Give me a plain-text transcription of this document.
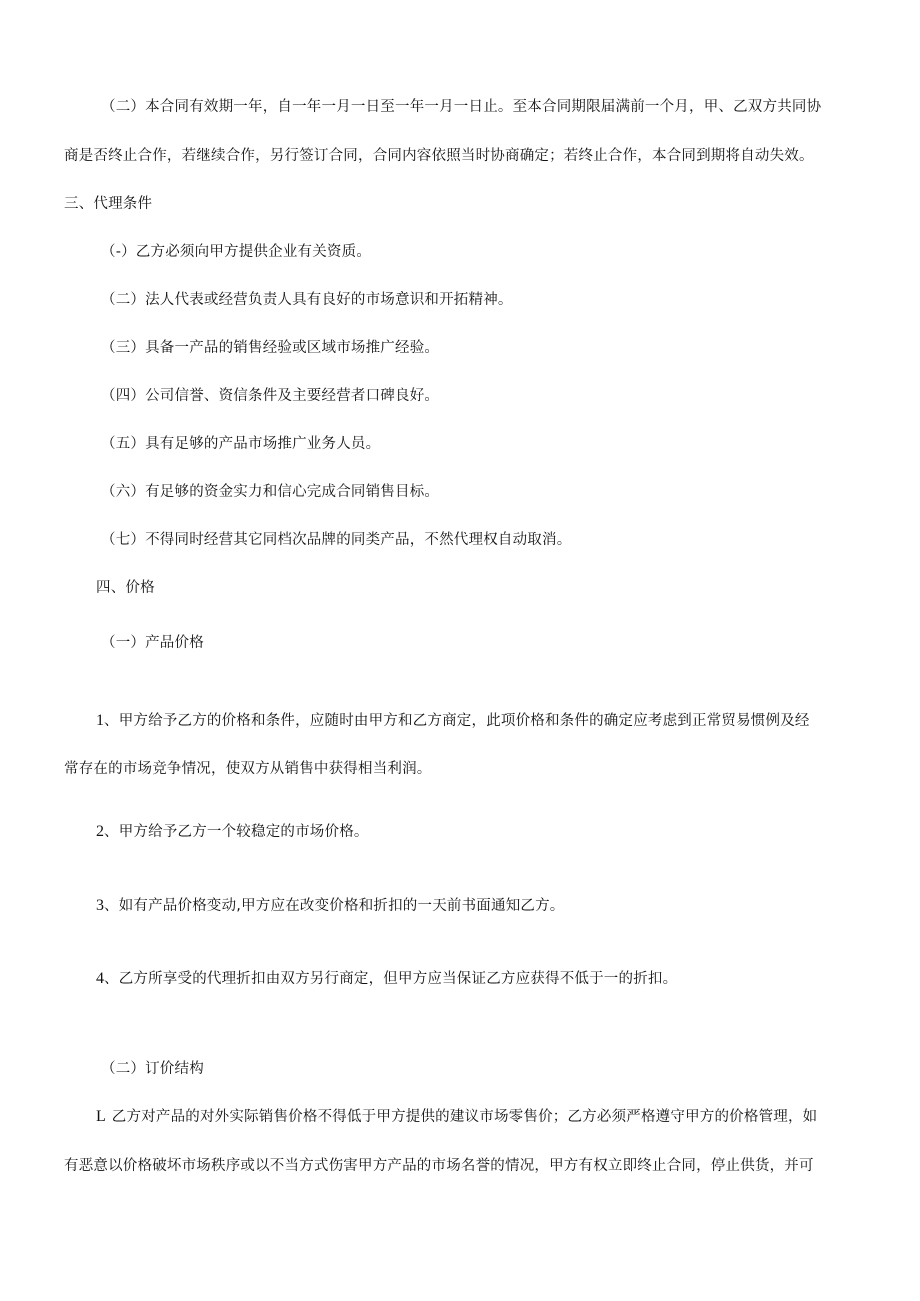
（二）本合同有效期一年，自一年一月一日至一年一月一日止。至本合同期限届满前一个月，甲、乙双方共同协
商是否终止合作，若继续合作，另行签订合同，合同内容依照当时协商确定；若终止合作，本合同到期将自动失效。
三、代理条件
（-）乙方必须向甲方提供企业有关资质。
（二）法人代表或经营负责人具有良好的市场意识和开拓精神。
（三）具备一产品的销售经验或区域市场推广经验。
（四）公司信誉、资信条件及主要经营者口碑良好。
（五）具有足够的产品市场推广业务人员。
（六）有足够的资金实力和信心完成合同销售目标。
（七）不得同时经营其它同档次品牌的同类产品，不然代理权自动取消。
四、价格
（一）产品价格
1、甲方给予乙方的价格和条件，应随时由甲方和乙方商定，此项价格和条件的确定应考虑到正常贸易惯例及经
常存在的市场竞争情况，使双方从销售中获得相当利润。
2、甲方给予乙方一个较稳定的市场价格。
3、如有产品价格变动,甲方应在改变价格和折扣的一天前书面通知乙方。
4、乙方所享受的代理折扣由双方另行商定，但甲方应当保证乙方应获得不低于一的折扣。
（二）订价结构
L 乙方对产品的对外实际销售价格不得低于甲方提供的建议市场零售价；乙方必须严格遵守甲方的价格管理，如
有恶意以价格破坏市场秩序或以不当方式伤害甲方产品的市场名誉的情况，甲方有权立即终止合同，停止供货，并可
